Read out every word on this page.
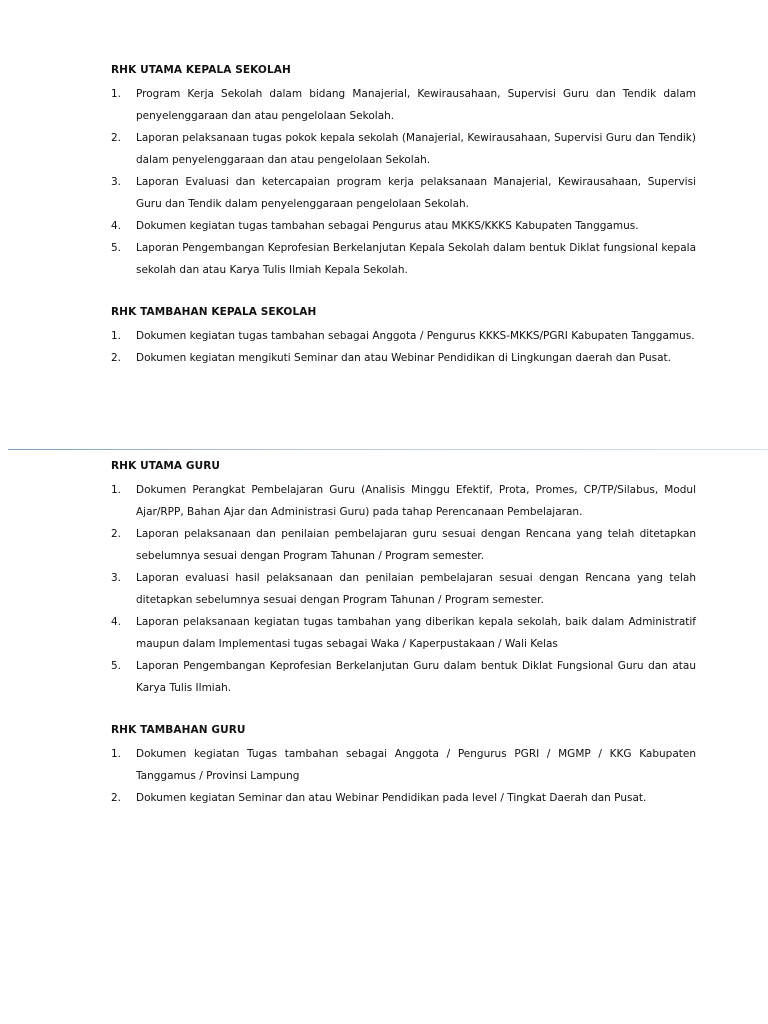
RHK UTAMA KEPALA SEKOLAH
1. Program Kerja Sekolah dalam bidang Manajerial, Kewirausahaan, Supervisi Guru dan Tendik dalam penyelenggaraan dan atau pengelolaan Sekolah.
2. Laporan pelaksanaan tugas pokok kepala sekolah (Manajerial, Kewirausahaan, Supervisi Guru dan Tendik) dalam penyelenggaraan dan atau pengelolaan Sekolah.
3. Laporan Evaluasi dan ketercapaian program kerja pelaksanaan Manajerial, Kewirausahaan, Supervisi Guru dan Tendik dalam penyelenggaraan pengelolaan Sekolah.
4. Dokumen kegiatan tugas tambahan sebagai Pengurus atau MKKS/KKKS Kabupaten Tanggamus.
5. Laporan Pengembangan Keprofesian Berkelanjutan Kepala Sekolah dalam bentuk Diklat fungsional kepala sekolah dan atau Karya Tulis Ilmiah Kepala Sekolah.
RHK TAMBAHAN KEPALA SEKOLAH
1. Dokumen kegiatan tugas tambahan sebagai Anggota / Pengurus KKKS-MKKS/PGRI Kabupaten Tanggamus.
2. Dokumen kegiatan mengikuti Seminar dan atau Webinar Pendidikan di Lingkungan daerah dan Pusat.
RHK UTAMA GURU
1. Dokumen Perangkat Pembelajaran Guru (Analisis Minggu Efektif, Prota, Promes, CP/TP/Silabus, Modul Ajar/RPP, Bahan Ajar dan Administrasi Guru) pada tahap Perencanaan Pembelajaran.
2. Laporan pelaksanaan dan penilaian pembelajaran guru sesuai dengan Rencana yang telah ditetapkan sebelumnya sesuai dengan Program Tahunan / Program semester.
3. Laporan evaluasi hasil pelaksanaan dan penilaian pembelajaran sesuai dengan Rencana yang telah ditetapkan sebelumnya sesuai dengan Program Tahunan / Program semester.
4. Laporan pelaksanaan kegiatan tugas tambahan yang diberikan kepala sekolah, baik dalam Administratif maupun dalam Implementasi tugas sebagai Waka / Kaperpustakaan / Wali Kelas
5. Laporan Pengembangan Keprofesian Berkelanjutan Guru dalam bentuk Diklat Fungsional Guru dan atau Karya Tulis Ilmiah.
RHK TAMBAHAN GURU
1. Dokumen kegiatan Tugas tambahan sebagai Anggota / Pengurus PGRI / MGMP / KKG Kabupaten Tanggamus / Provinsi Lampung
2. Dokumen kegiatan Seminar dan atau Webinar Pendidikan pada level / Tingkat Daerah dan Pusat.
